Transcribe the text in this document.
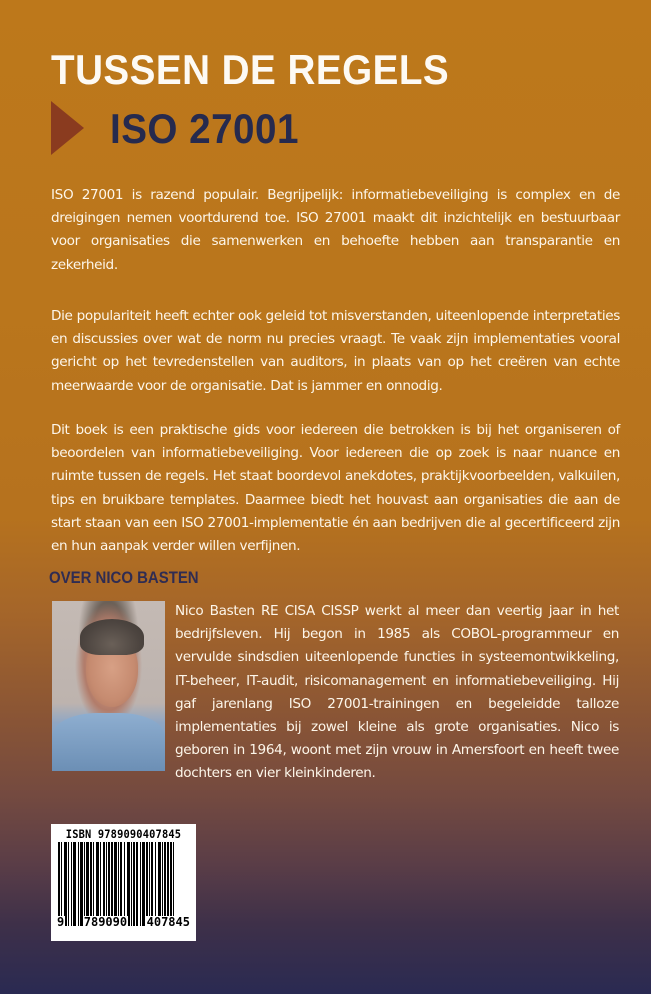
TUSSEN DE REGELS
ISO 27001

ISO 27001 is razend populair. Begrijpelijk: informatiebeveiliging is complex en de dreigingen nemen voortdurend toe. ISO 27001 maakt dit inzichtelijk en bestuurbaar voor organisaties die samenwerken en behoefte hebben aan transparantie en zekerheid.

Die populariteit heeft echter ook geleid tot misverstanden, uiteenlopende interpretaties en discussies over wat de norm nu precies vraagt. Te vaak zijn implementaties vooral gericht op het tevredenstellen van auditors, in plaats van op het creëren van echte meerwaarde voor de organisatie. Dat is jammer en onnodig.

Dit boek is een praktische gids voor iedereen die betrokken is bij het organiseren of beoordelen van informatiebeveiliging. Voor iedereen die op zoek is naar nuance en ruimte tussen de regels. Het staat boordevol anekdotes, praktijkvoorbeelden, valkuilen, tips en bruikbare templates. Daarmee biedt het houvast aan organisaties die aan de start staan van een ISO 27001-implementatie én aan bedrijven die al gecertificeerd zijn en hun aanpak verder willen verfijnen.

OVER NICO BASTEN

Nico Basten RE CISA CISSP werkt al meer dan veertig jaar in het bedrijfsleven. Hij begon in 1985 als COBOL-programmeur en vervulde sindsdien uiteenlopende functies in systeemontwikkeling, IT-beheer, IT-audit, risicomanagement en informatiebeveiliging. Hij gaf jarenlang ISO 27001-trainingen en begeleidde talloze implementaties bij zowel kleine als grote organisaties. Nico is geboren in 1964, woont met zijn vrouw in Amersfoort en heeft twee dochters en vier kleinkinderen.

ISBN 9789090407845
9 789090 407845
